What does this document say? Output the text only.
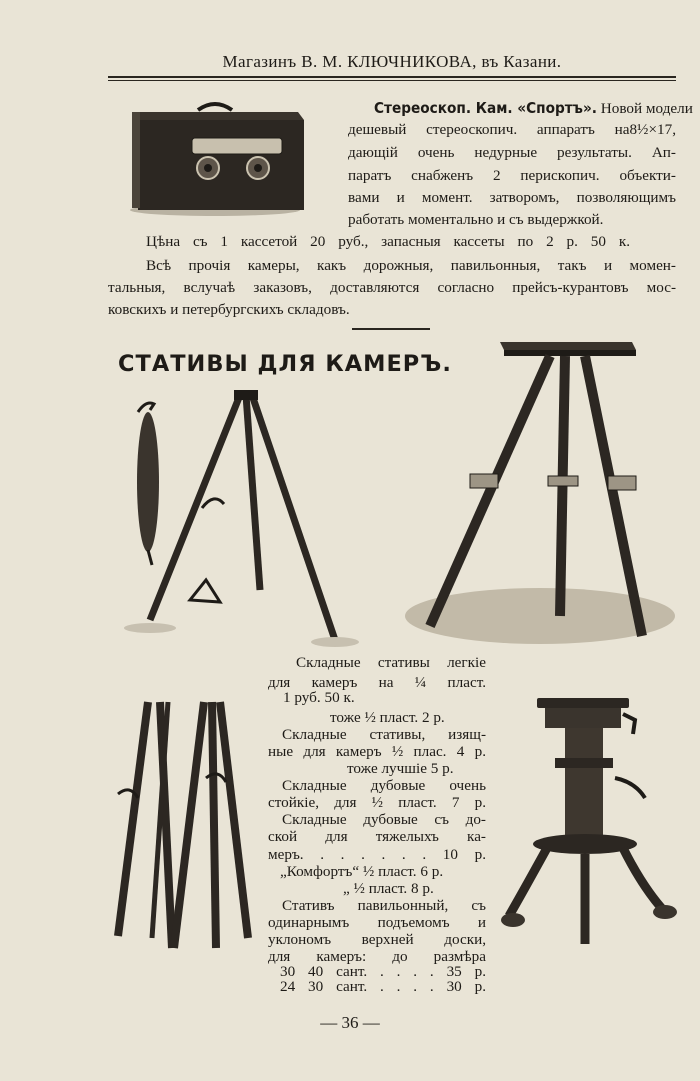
Магазинъ В. М. КЛЮЧНИКОВА, въ Казани.
Стереоскоп. Кам. «Спортъ». Новой модели
дешевый стереоскопич. аппаратъ на8½×17,
дающій очень недурные результаты. Ап-
паратъ снабженъ 2 перископич. объекти-
вами и момент. затворомъ, позволяющимъ
работать моментально и съ выдержкой.
Цѣна съ 1 кассетой 20 руб., запасныя кассеты по 2 р. 50 к.
Всѣ прочія камеры, какъ дорожныя, павильонныя, такъ и момен-
тальныя, вслучаѣ заказовъ, доставляются согласно прейсъ-курантовъ мос-
ковскихъ и петербургскихъ складовъ.
СТАТИВЫ ДЛЯ КАМЕРЪ.
Складные стативы легкіе
для камеръ на ¼ пласт.
1 руб. 50 к.
тоже ½ пласт. 2 р.
Складные стативы, изящ-
ные для камеръ ½ плас. 4 р.
тоже лучшіе 5 р.
Складные дубовые очень
стойкіе, для ½ пласт. 7 р.
Складные дубовые съ до-
ской для тяжелыхъ ка-
меръ. . . . . . . 10 р.
„Комфортъ“ ½ пласт. 6 р.
„ ½ пласт. 8 р.
Стативъ павильонный, съ
одинарнымъ подъемомъ и
уклономъ верхней доски,
для камеръ: до размѣра
30 40 сант. . . . . 35 р.
24 30 сант. . . . . 30 р.
— 36 —
